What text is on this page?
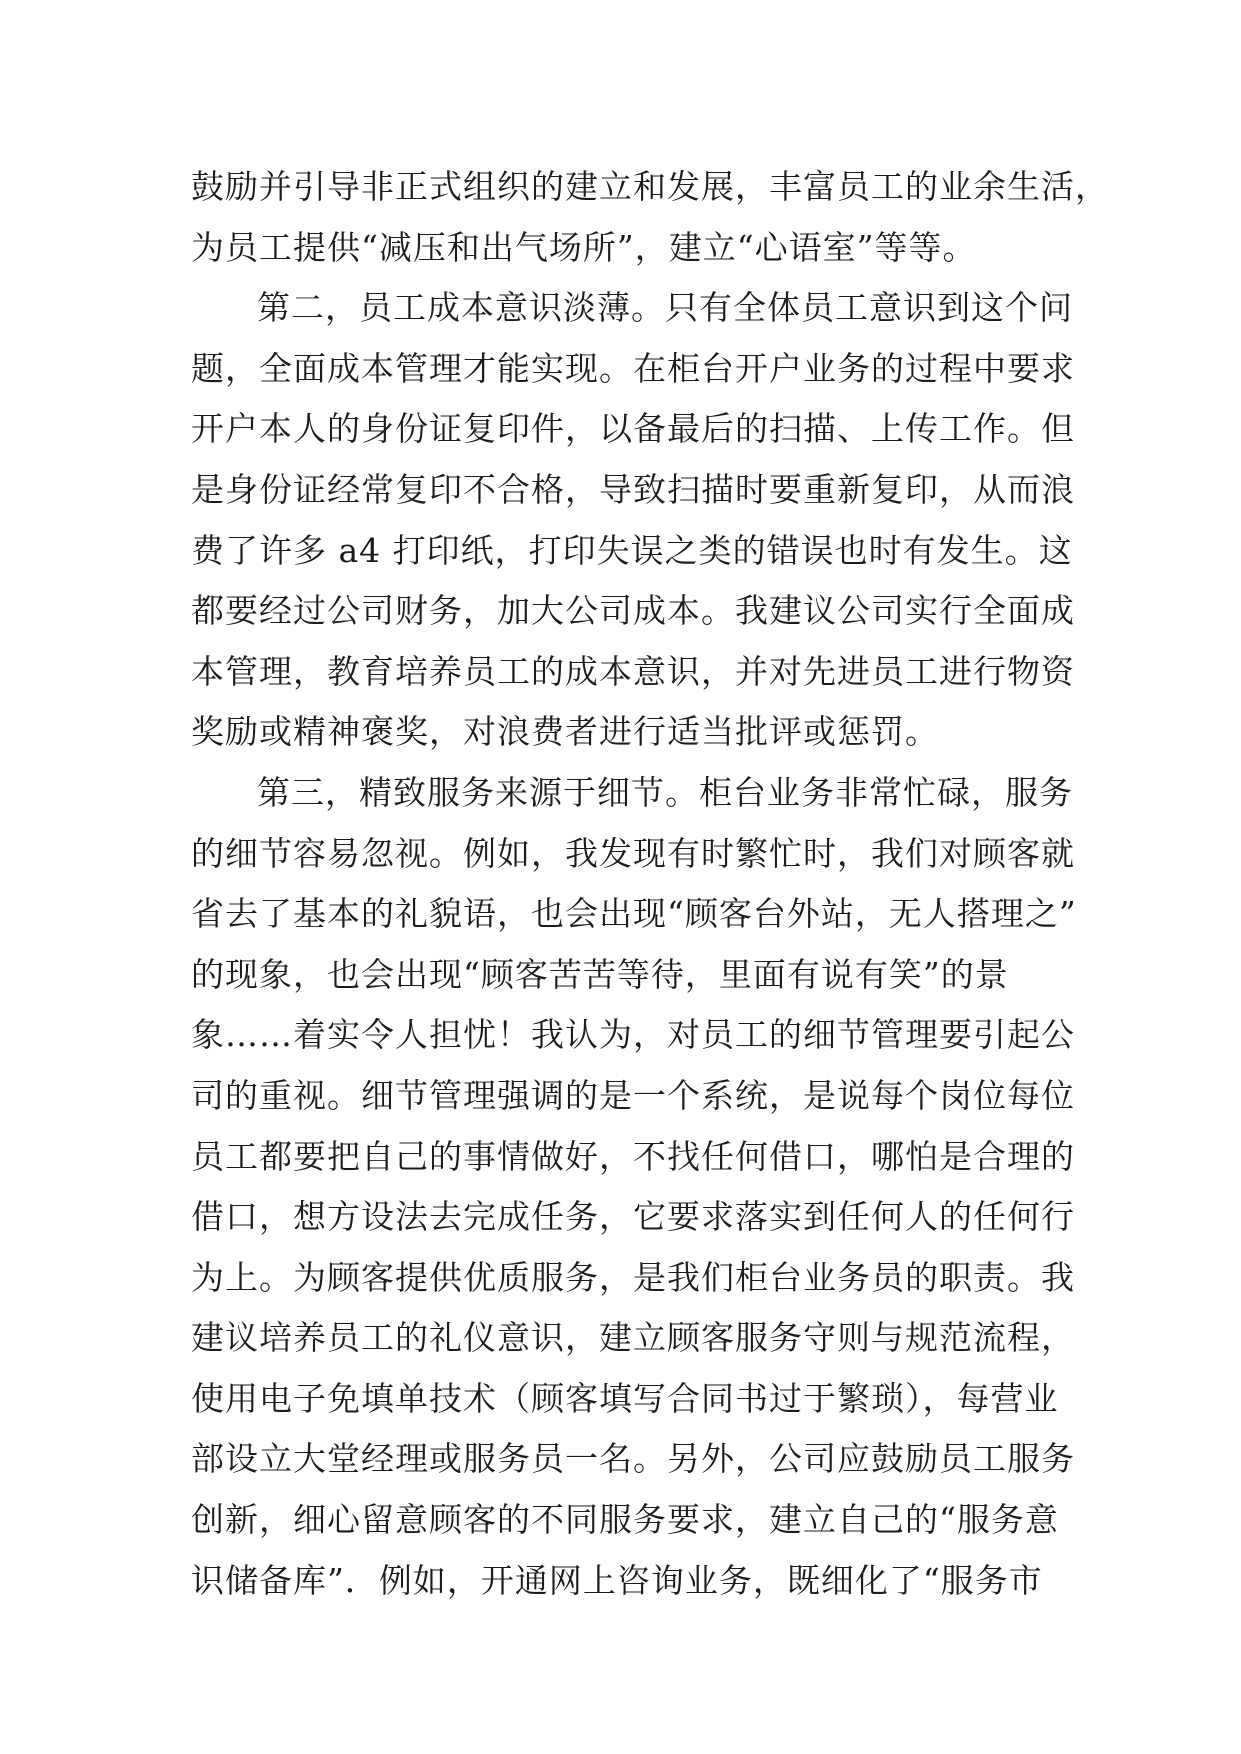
鼓励并引导非正式组织的建立和发展，丰富员工的业余生活，
为员工提供“减压和出气场所”，建立“心语室”等等。
第二，员工成本意识淡薄。只有全体员工意识到这个问
题，全面成本管理才能实现。在柜台开户业务的过程中要求
开户本人的身份证复印件，以备最后的扫描、上传工作。但
是身份证经常复印不合格，导致扫描时要重新复印，从而浪
费了许多 a4 打印纸，打印失误之类的错误也时有发生。这
都要经过公司财务，加大公司成本。我建议公司实行全面成
本管理，教育培养员工的成本意识，并对先进员工进行物资
奖励或精神褒奖，对浪费者进行适当批评或惩罚。
第三，精致服务来源于细节。柜台业务非常忙碌，服务
的细节容易忽视。例如，我发现有时繁忙时，我们对顾客就
省去了基本的礼貌语，也会出现“顾客台外站，无人搭理之”
的现象，也会出现“顾客苦苦等待，里面有说有笑”的景
象……着实令人担忧！我认为，对员工的细节管理要引起公
司的重视。细节管理强调的是一个系统，是说每个岗位每位
员工都要把自己的事情做好，不找任何借口，哪怕是合理的
借口，想方设法去完成任务，它要求落实到任何人的任何行
为上。为顾客提供优质服务，是我们柜台业务员的职责。我
建议培养员工的礼仪意识，建立顾客服务守则与规范流程，
使用电子免填单技术（顾客填写合同书过于繁琐），每营业
部设立大堂经理或服务员一名。另外，公司应鼓励员工服务
创新，细心留意顾客的不同服务要求，建立自己的“服务意
识储备库”．例如，开通网上咨询业务，既细化了“服务市
